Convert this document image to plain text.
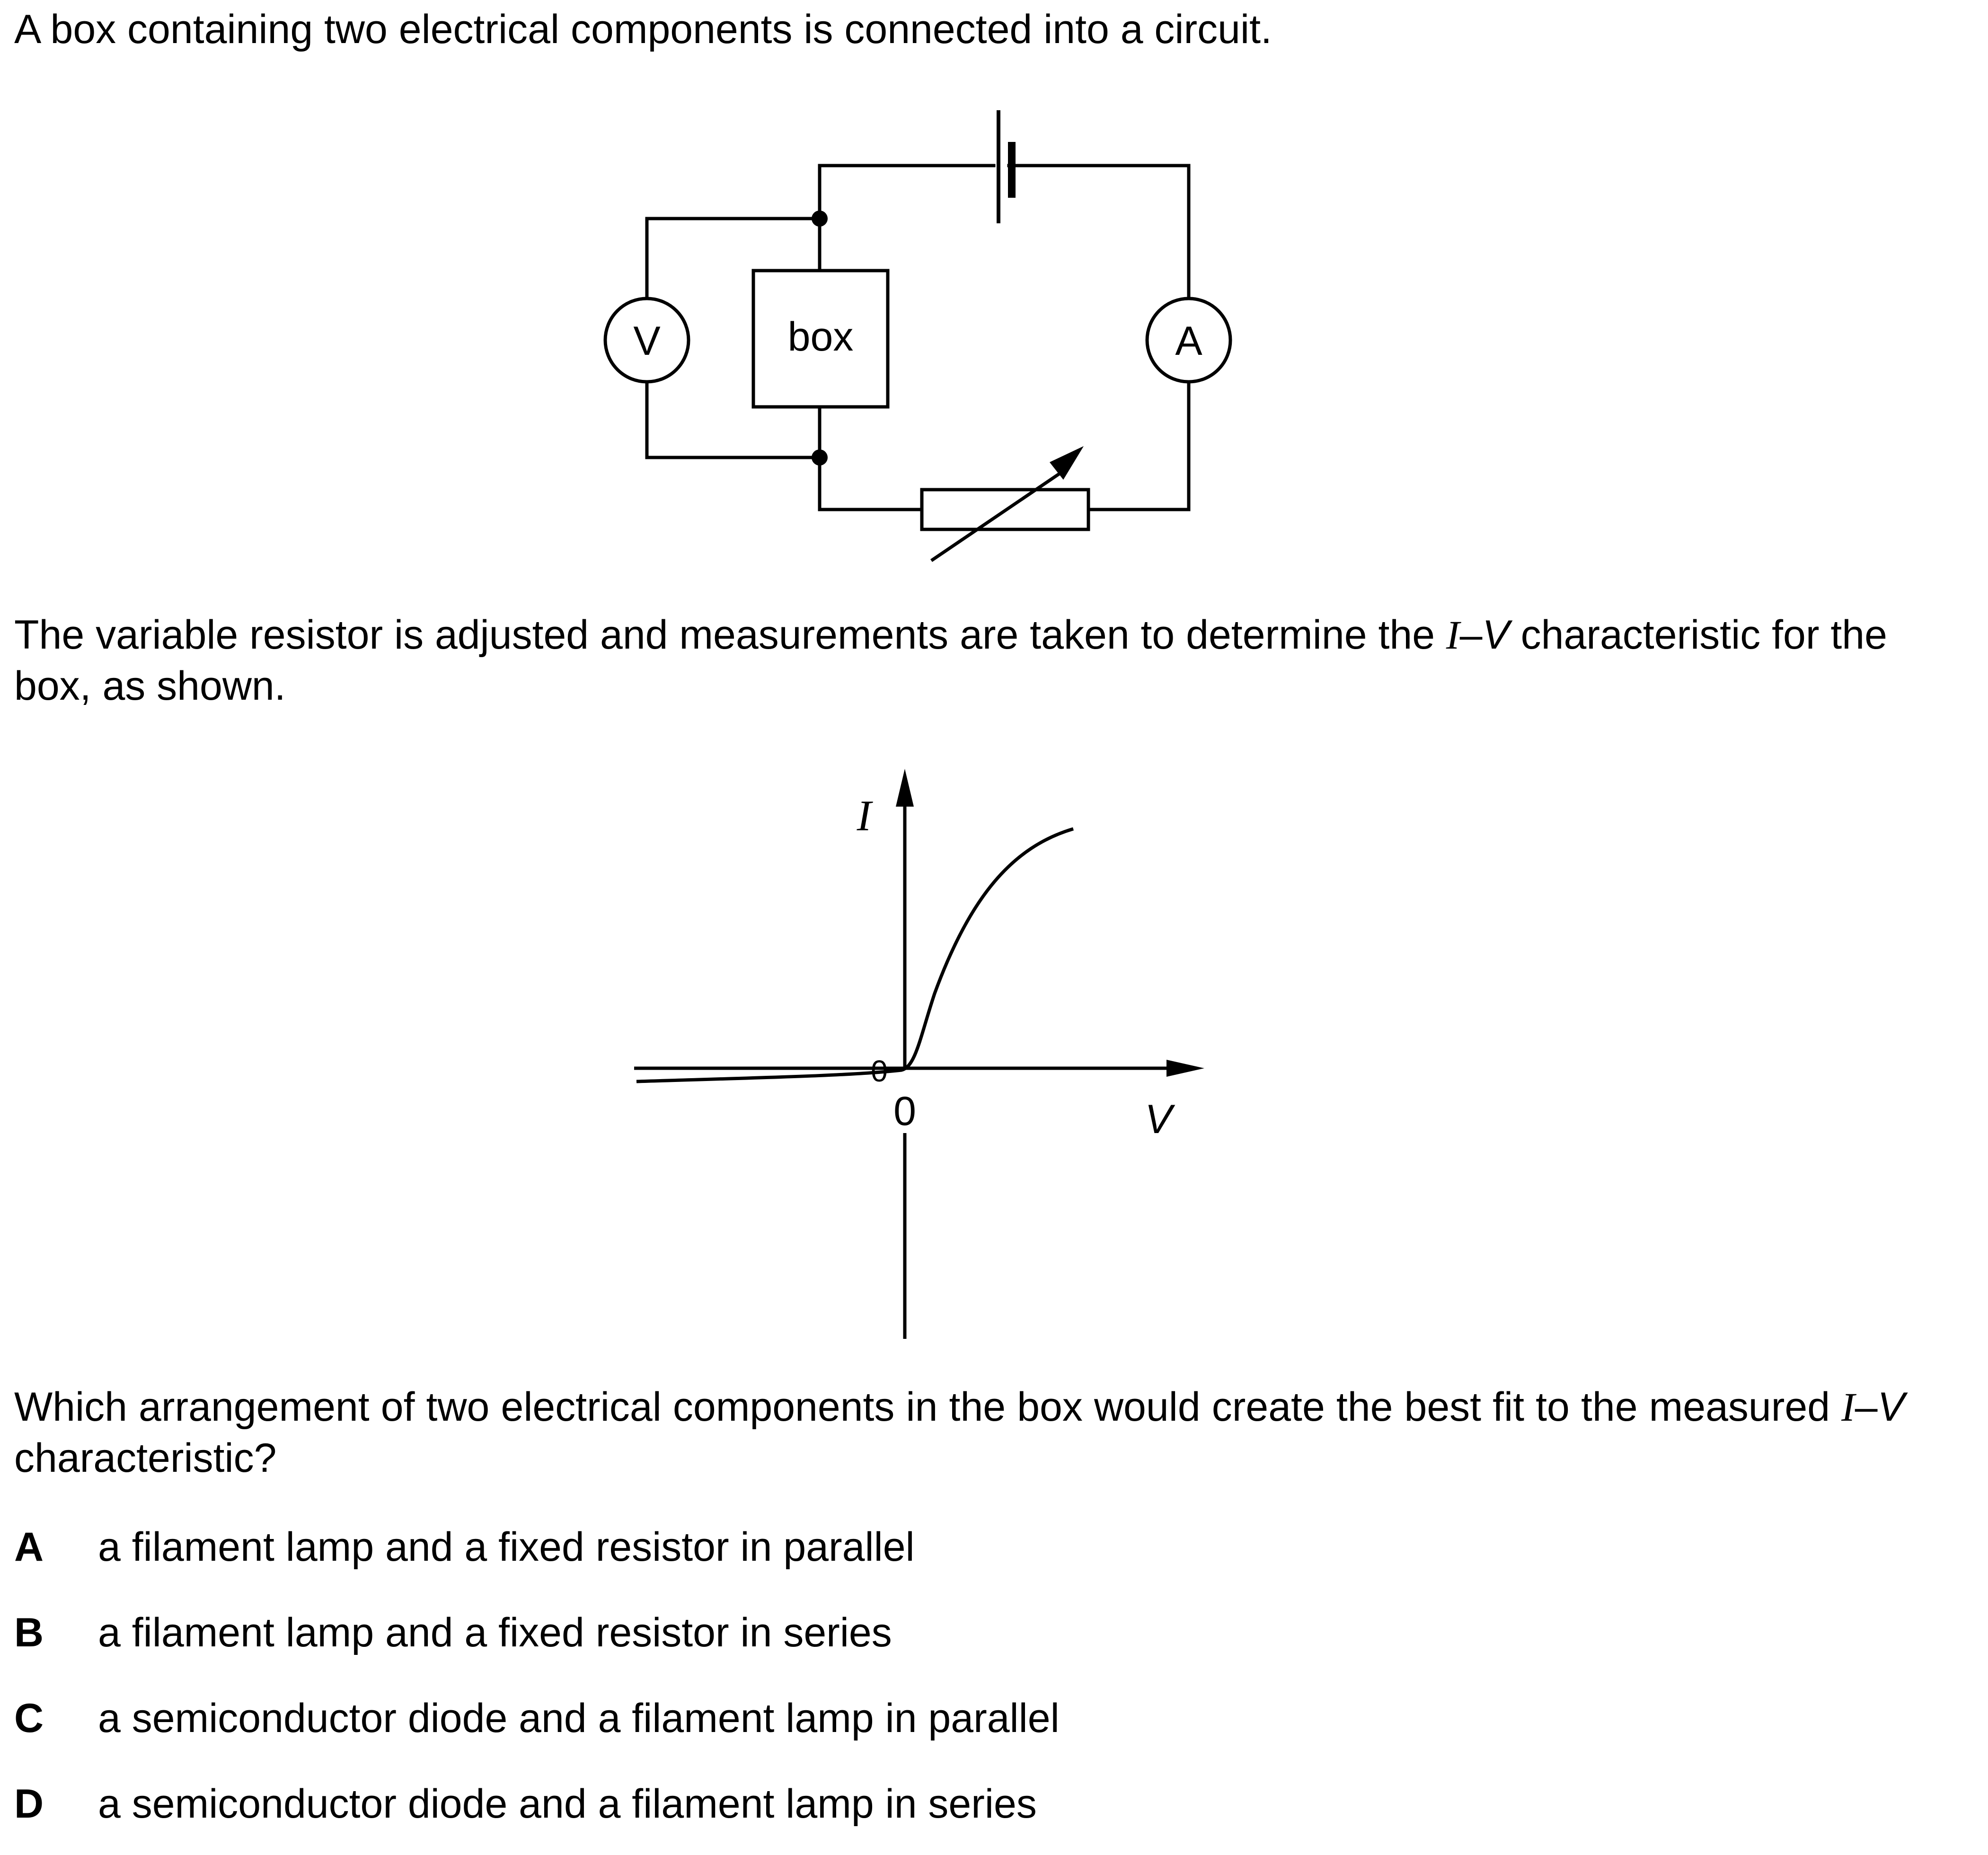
A box containing two electrical components is connected into a circuit.
box
V	A
The variable resistor is adjusted and measurements are taken to determine the I–V characteristic for the box, as shown.
0
0
I
V
Which arrangement of two electrical components in the box would create the best fit to the measured I–V characteristic?
A a filament lamp and a fixed resistor in parallel
B a filament lamp and a fixed resistor in series
C a semiconductor diode and a filament lamp in parallel
D a semiconductor diode and a filament lamp in series
